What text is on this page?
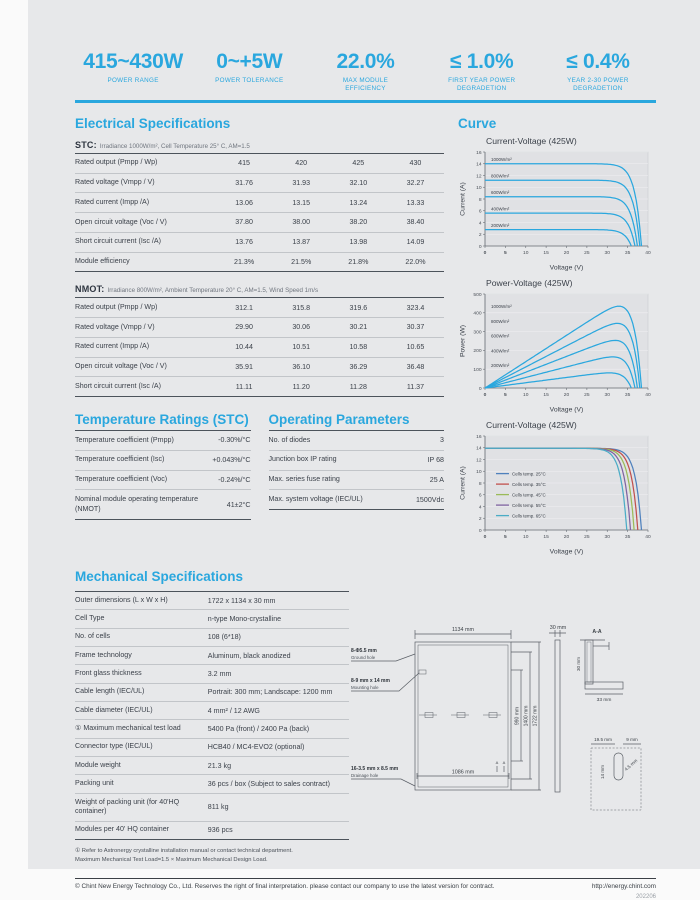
415~430W
POWER RANGE
0~+5W
POWER TOLERANCE
22.0%
MAX MODULE EFFICIENCY
≤ 1.0%
FIRST YEAR POWER DEGRADETION
≤ 0.4%
YEAR 2-30 POWER DEGRADETION
Electrical Specifications
STC: Irradiance 1000W/m², Cell Temperature 25° C, AM=1.5
Rated output (Pmpp / Wp)	415	420	425	430
Rated voltage (Vmpp / V)	31.76	31.93	32.10	32.27
Rated current (Impp /A)	13.06	13.15	13.24	13.33
Open circuit voltage (Voc / V)	37.80	38.00	38.20	38.40
Short circuit current (Isc /A)	13.76	13.87	13.98	14.09
Module efficiency	21.3%	21.5%	21.8%	22.0%
NMOT: Irradiance 800W/m², Ambient Temperature 20° C, AM=1.5, Wind Speed 1m/s
Rated output (Pmpp / Wp)	312.1	315.8	319.6	323.4
Rated voltage (Vmpp / V)	29.90	30.06	30.21	30.37
Rated current (Impp /A)	10.44	10.51	10.58	10.65
Open circuit voltage (Voc / V)	35.91	36.10	36.29	36.48
Short circuit current (Isc /A)	11.11	11.20	11.28	11.37
Temperature Ratings (STC)
Temperature coefficient (Pmpp)	-0.30%/°C
Temperature coefficient (Isc)	+0.043%/°C
Temperature coefficient (Voc)	-0.24%/°C
Nominal module operating temperature (NMOT)	41±2°C
Operating Parameters
No. of diodes	3
Junction box IP rating	IP 68
Max. series fuse rating	25 A
Max. system voltage (IEC/UL)	1500Vdc
Curve
Current-Voltage (425W)
0
2
4
6
8
10
12
14
16
0	5	10	15	20	25	30	35	40
Voltage (V)
Current (A)
1000W/m²
800W/m²
600W/m²
400W/m²
200W/m²
Power-Voltage (425W)
0
100
200
300
400
500
0	5	10	15	20	25	30	35	40
Voltage (V)
Power (W)
1000W/m²
800W/m²
600W/m²
400W/m²
200W/m²
Current-Voltage (425W)
0
2
4
6
8
10
12
14
16
0	5	10	15	20	25	30	35	40
Voltage (V)
Current (A)	Cells temp. 25°C
Cells temp. 35°C
Cells temp. 45°C
Cells temp. 55°C
Cells temp. 65°C
Mechanical Specifications
Outer dimensions (L x W x H)	1722 x 1134 x 30 mm
Cell Type	n-type Mono-crystalline
No. of cells	108 (6*18)
Frame technology	Aluminum, black anodized
Front glass thickness	3.2 mm
Cable length (IEC/UL)	Portrait: 300 mm; Landscape: 1200 mm
Cable diameter (IEC/UL)	4 mm² / 12 AWG
① Maximum mechanical test load	5400 Pa (front) / 2400 Pa (back)
Connector type (IEC/UL)	HCB40 / MC4-EVO2 (optional)
Module weight	21.3 kg
Packing unit	36 pcs / box (Subject to sales contract)
Weight of packing unit (for 40'HQ container)	811 kg
Modules per 40' HQ container	936 pcs
① Refer to Astronergy crystalline installation manual or contact technical department.
Maximum Mechanical Test Load=1.5 × Maximum Mechanical Design Load.
1134 mm
A A
1086 mm
990 mm 1400 mm 1722 mm
30 mm
A-A
30 mm
33 mm
19.5 mm	9 mm
14 mm
4.5 mm
8-Φ5.5 mm
Ground hole
8-9 mm x 14 mm
Mounting hole
16-3.5 mm x 8.5 mm
Drainage hole
© Chint New Energy Technology Co., Ltd. Reserves the right of final interpretation. please contact our company to use the latest version for contract.	http://energy.chint.com
202206
